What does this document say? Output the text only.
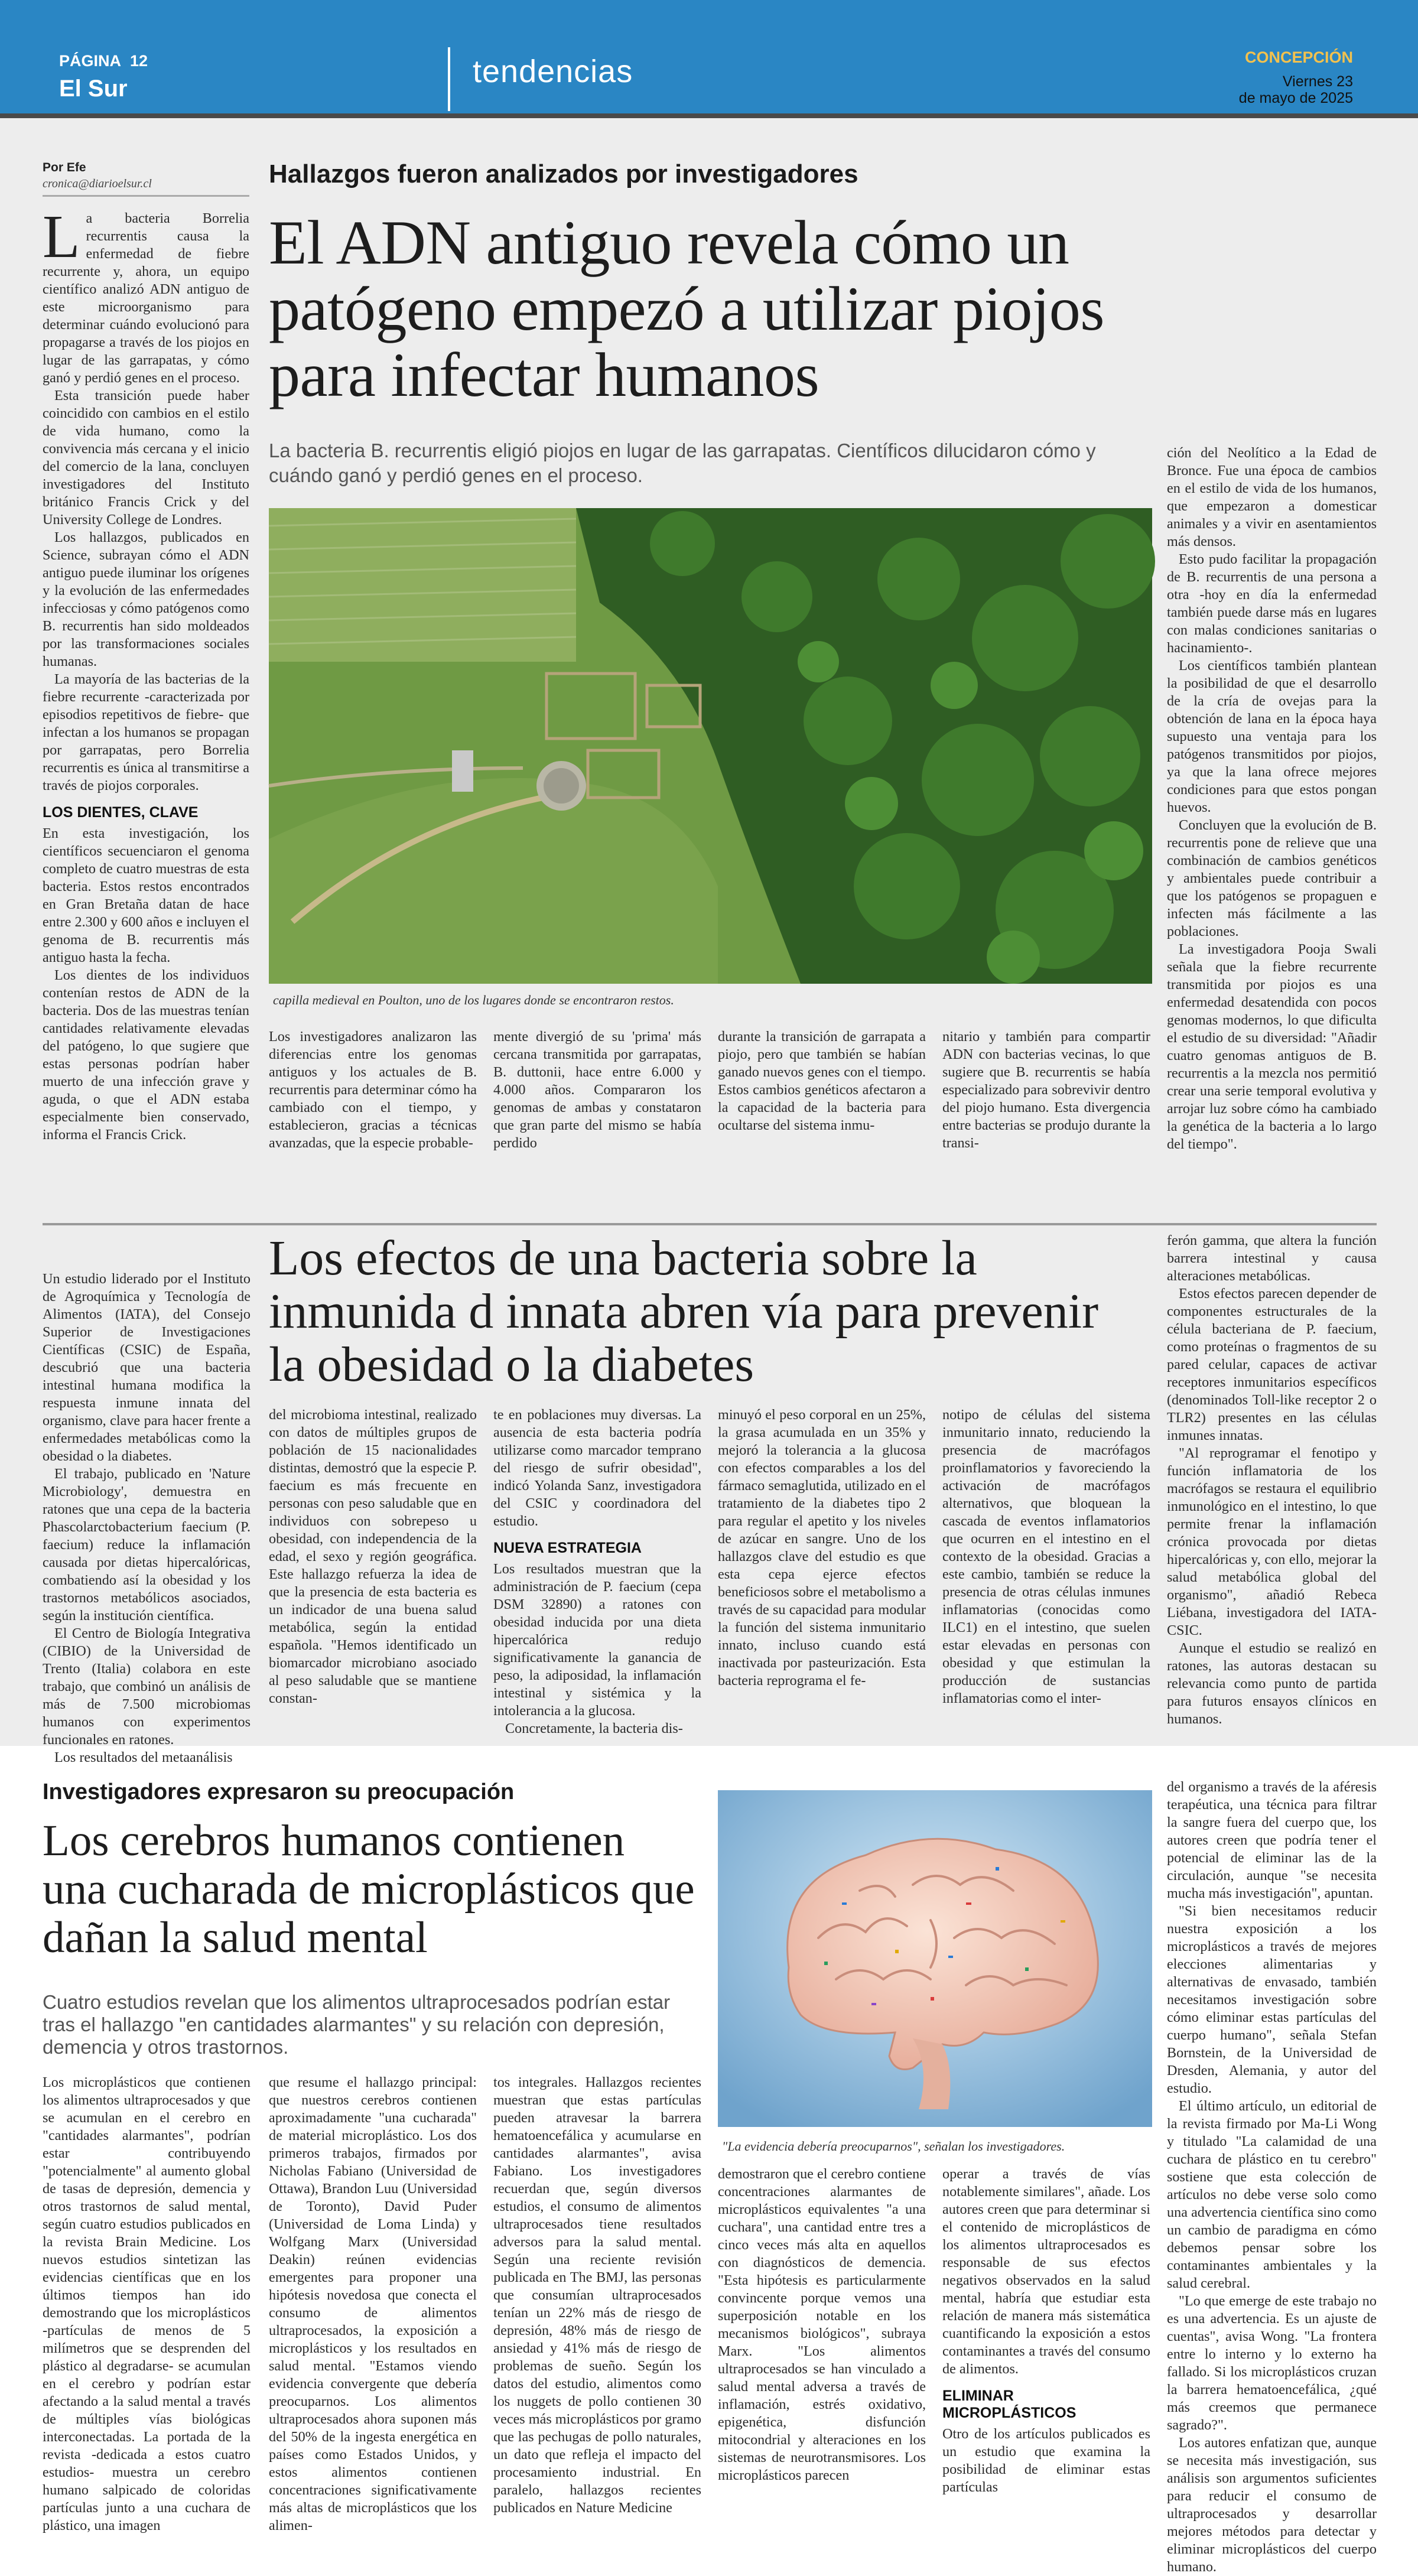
PÁGINA 12
El Sur	tendencias	CONCEPCIÓN
Viernes 23
de mayo de 2025
Por Efe
cronica@diarioelsur.cl	Hallazgos fueron analizados por investigadores
El ADN antiguo revela cómo un patógeno empezó a utilizar piojos para infectar humanos
La bacteria B. recurrentis eligió piojos en lugar de las garrapatas. Científicos dilucidaron cómo y cuándo ganó y perdió genes en el proceso.
L a bacteria Borrelia recurrentis causa la enfermedad de fiebre recurrente y, ahora, un equipo científico analizó ADN antiguo de este microorganismo para determinar cuándo evolucionó para propagarse a través de los piojos en lugar de las garrapatas, y cómo ganó y perdió genes en el proceso.

Esta transición puede haber coincidido con cambios en el estilo de vida humano, como la convivencia más cercana y el inicio del comercio de la lana, concluyen investigadores del Instituto británico Francis Crick y del University College de Londres.

Los hallazgos, publicados en Science, subrayan cómo el ADN antiguo puede iluminar los orígenes y la evolución de las enfermedades infecciosas y cómo patógenos como B. recurrentis han sido moldeados por las transformaciones sociales humanas.

La mayoría de las bacterias de la fiebre recurrente -caracterizada por episodios repetitivos de fiebre- que infectan a los humanos se propagan por garrapatas, pero Borrelia recurrentis es única al transmitirse a través de piojos corporales.

LOS DIENTES, CLAVE

En esta investigación, los científicos secuenciaron el genoma completo de cuatro muestras de esta bacteria. Estos restos encontrados en Gran Bretaña datan de hace entre 2.300 y 600 años e incluyen el genoma de B. recurrentis más antiguo hasta la fecha.

Los dientes de los individuos contenían restos de ADN de la bacteria. Dos de las muestras tenían cantidades relativamente elevadas del patógeno, lo que sugiere que estas personas podrían haber muerto de una infección grave y aguda, o que el ADN estaba especialmente bien conservado, informa el Francis Crick.

capilla medieval en Poulton, uno de los lugares donde se encontraron restos.

ción del Neolítico a la Edad de Bronce. Fue una época de cambios en el estilo de vida de los humanos, que empezaron a domesticar animales y a vivir en asentamientos más densos.

Esto pudo facilitar la propagación de B. recurrentis de una persona a otra -hoy en día la enfermedad también puede darse más en lugares con malas condiciones sanitarias o hacinamiento-.

Los científicos también plantean la posibilidad de que el desarrollo de la cría de ovejas para la obtención de lana en la época haya supuesto una ventaja para los patógenos transmitidos por piojos, ya que la lana ofrece mejores condiciones para que estos pongan huevos.

Concluyen que la evolución de B. recurrentis pone de relieve que una combinación de cambios genéticos y ambientales puede contribuir a que los patógenos se propaguen e infecten más fácilmente a las poblaciones.

La investigadora Pooja Swali señala que la fiebre recurrente transmitida por piojos es una enfermedad desatendida con pocos genomas modernos, lo que dificulta el estudio de su diversidad: "Añadir cuatro genomas antiguos de B. recurrentis a la mezcla nos permitió crear una serie temporal evolutiva y arrojar luz sobre cómo ha cambiado la genética de la bacteria a lo largo del tiempo".

Los investigadores analizaron las diferencias entre los genomas antiguos y los actuales de B. recurrentis para determinar cómo ha cambiado con el tiempo, y establecieron, gracias a técnicas avanzadas, que la especie probable-

mente divergió de su 'prima' más cercana transmitida por garrapatas, B. duttonii, hace entre 6.000 y 4.000 años. Compararon los genomas de ambas y constataron que gran parte del mismo se había perdido

durante la transición de garrapata a piojo, pero que también se habían ganado nuevos genes con el tiempo. Estos cambios genéticos afectaron a la capacidad de la bacteria para ocultarse del sistema inmu-

nitario y también para compartir ADN con bacterias vecinas, lo que sugiere que B. recurrentis se había especializado para sobrevivir dentro del piojo humano. Esta divergencia entre bacterias se produjo durante la transi-

Un estudio liderado por el Instituto de Agroquímica y Tecnología de Alimentos (IATA), del Consejo Superior de Investigaciones Científicas (CSIC) de España, descubrió que una bacteria intestinal humana modifica la respuesta inmune innata del organismo, clave para hacer frente a enfermedades metabólicas como la obesidad o la diabetes.

El trabajo, publicado en 'Nature Microbiology', demuestra en ratones que una cepa de la bacteria Phascolarctobacterium faecium (P. faecium) reduce la inflamación causada por dietas hipercalóricas, combatiendo así la obesidad y los trastornos metabólicos asociados, según la institución científica.

El Centro de Biología Integrativa (CIBIO) de la Universidad de Trento (Italia) colabora en este trabajo, que combinó un análisis de más de 7.500 microbiomas humanos con experimentos funcionales en ratones.

Los resultados del metaanálisis

Los efectos de una bacteria sobre la inmunida d innata abren vía para prevenir la obesidad o la diabetes

del microbioma intestinal, realizado con datos de múltiples grupos de población de 15 nacionalidades distintas, demostró que la especie P. faecium es más frecuente en personas con peso saludable que en individuos con sobrepeso u obesidad, con independencia de la edad, el sexo y región geográfica. Este hallazgo refuerza la idea de que la presencia de esta bacteria es un indicador de una buena salud metabólica, según la entidad española. "Hemos identificado un biomarcador microbiano asociado al peso saludable que se mantiene constan-

te en poblaciones muy diversas. La ausencia de esta bacteria podría utilizarse como marcador temprano del riesgo de sufrir obesidad", indicó Yolanda Sanz, investigadora del CSIC y coordinadora del estudio.

NUEVA ESTRATEGIA

Los resultados muestran que la administración de P. faecium (cepa DSM 32890) a ratones con obesidad inducida por una dieta hipercalórica redujo significativamente la ganancia de peso, la adiposidad, la inflamación intestinal y sistémica y la intolerancia a la glucosa.

Concretamente, la bacteria dis-

minuyó el peso corporal en un 25%, la grasa acumulada en un 35% y mejoró la tolerancia a la glucosa con efectos comparables a los del fármaco semaglutida, utilizado en el tratamiento de la diabetes tipo 2 para regular el apetito y los niveles de azúcar en sangre. Uno de los hallazgos clave del estudio es que esta cepa ejerce efectos beneficiosos sobre el metabolismo a través de su capacidad para modular la función del sistema inmunitario innato, incluso cuando está inactivada por pasteurización. Esta bacteria reprograma el fe-

notipo de células del sistema inmunitario innato, reduciendo la presencia de macrófagos proinflamatorios y favoreciendo la activación de macrófagos alternativos, que bloquean la cascada de eventos inflamatorios que ocurren en el intestino en el contexto de la obesidad. Gracias a este cambio, también se reduce la presencia de otras células inmunes inflamatorias (conocidas como ILC1) en el intestino, que suelen estar elevadas en personas con obesidad y que estimulan la producción de sustancias inflamatorias como el inter-

ferón gamma, que altera la función barrera intestinal y causa alteraciones metabólicas.

Estos efectos parecen depender de componentes estructurales de la célula bacteriana de P. faecium, como proteínas o fragmentos de su pared celular, capaces de activar receptores inmunitarios específicos (denominados Toll-like receptor 2 o TLR2) presentes en las células inmunes innatas.

"Al reprogramar el fenotipo y función inflamatoria de los macrófagos se restaura el equilibrio inmunológico en el intestino, lo que permite frenar la inflamación crónica provocada por dietas hipercalóricas y, con ello, mejorar la salud metabólica global del organismo", añadió Rebeca Liébana, investigadora del IATA-CSIC.

Aunque el estudio se realizó en ratones, las autoras destacan su relevancia como punto de partida para futuros ensayos clínicos en humanos.

Investigadores expresaron su preocupación
Los cerebros humanos contienen una cucharada de microplásticos que dañan la salud mental
Cuatro estudios revelan que los alimentos ultraprocesados podrían estar tras el hallazgo "en cantidades alarmantes" y su relación con depresión, demencia y otros trastornos.
"La evidencia debería preocuparnos", señalan los investigadores.

Los microplásticos que contienen los alimentos ultraprocesados y que se acumulan en el cerebro en "cantidades alarmantes", podrían estar contribuyendo "potencialmente" al aumento global de tasas de depresión, demencia y otros trastornos de salud mental, según cuatro estudios publicados en la revista Brain Medicine. Los nuevos estudios sintetizan las evidencias científicas que en los últimos tiempos han ido demostrando que los microplásticos -partículas de menos de 5 milímetros que se desprenden del plástico al degradarse- se acumulan en el cerebro y podrían estar afectando a la salud mental a través de múltiples vías biológicas interconectadas. La portada de la revista -dedicada a estos cuatro estudios- muestra un cerebro humano salpicado de coloridas partículas junto a una cuchara de plástico, una imagen

que resume el hallazgo principal: que nuestros cerebros contienen aproximadamente "una cucharada" de material microplástico. Los dos primeros trabajos, firmados por Nicholas Fabiano (Universidad de Ottawa), Brandon Luu (Universidad de Toronto), David Puder (Universidad de Loma Linda) y Wolfgang Marx (Universidad Deakin) reúnen evidencias emergentes para proponer una hipótesis novedosa que conecta el consumo de alimentos ultraprocesados, la exposición a microplásticos y los resultados en salud mental. "Estamos viendo evidencia convergente que debería preocuparnos. Los alimentos ultraprocesados ahora suponen más del 50% de la ingesta energética en países como Estados Unidos, y estos alimentos contienen concentraciones significativamente más altas de microplásticos que los alimen-

tos integrales. Hallazgos recientes muestran que estas partículas pueden atravesar la barrera hematoencefálica y acumularse en cantidades alarmantes", avisa Fabiano. Los investigadores recuerdan que, según diversos estudios, el consumo de alimentos ultraprocesados tiene resultados adversos para la salud mental. Según una reciente revisión publicada en The BMJ, las personas que consumían ultraprocesados tenían un 22% más de riesgo de depresión, 48% más de riesgo de ansiedad y 41% más de riesgo de problemas de sueño. Según los datos del estudio, alimentos como los nuggets de pollo contienen 30 veces más microplásticos por gramo que las pechugas de pollo naturales, un dato que refleja el impacto del procesamiento industrial. En paralelo, hallazgos recientes publicados en Nature Medicine

demostraron que el cerebro contiene concentraciones alarmantes de microplásticos equivalentes "a una cuchara", una cantidad entre tres a cinco veces más alta en aquellos con diagnósticos de demencia. "Esta hipótesis es particularmente convincente porque vemos una superposición notable en los mecanismos biológicos", subraya Marx. "Los alimentos ultraprocesados se han vinculado a salud mental adversa a través de inflamación, estrés oxidativo, epigenética, disfunción mitocondrial y alteraciones en los sistemas de neurotransmisores. Los microplásticos parecen

operar a través de vías notablemente similares", añade. Los autores creen que para determinar si el contenido de microplásticos de los alimentos ultraprocesados es responsable de sus efectos negativos observados en la salud mental, habría que estudiar esta relación de manera más sistemática cuantificando la exposición a estos contaminantes a través del consumo de alimentos.

ELIMINAR MICROPLÁSTICOS

Otro de los artículos publicados es un estudio que examina la posibilidad de eliminar estas partículas

del organismo a través de la aféresis terapéutica, una técnica para filtrar la sangre fuera del cuerpo que, los autores creen que podría tener el potencial de eliminar las de la circulación, aunque "se necesita mucha más investigación", apuntan.

"Si bien necesitamos reducir nuestra exposición a los microplásticos a través de mejores elecciones alimentarias y alternativas de envasado, también necesitamos investigación sobre cómo eliminar estas partículas del cuerpo humano", señala Stefan Bornstein, de la Universidad de Dresden, Alemania, y autor del estudio.

El último artículo, un editorial de la revista firmado por Ma-Li Wong y titulado "La calamidad de una cuchara de plástico en tu cerebro" sostiene que esta colección de artículos no debe verse solo como una advertencia científica sino como un cambio de paradigma en cómo debemos pensar sobre los contaminantes ambientales y la salud cerebral.

"Lo que emerge de este trabajo no es una advertencia. Es un ajuste de cuentas", avisa Wong. "La frontera entre lo interno y lo externo ha fallado. Si los microplásticos cruzan la barrera hematoencefálica, ¿qué más creemos que permanece sagrado?".

Los autores enfatizan que, aunque se necesita más investigación, sus análisis son argumentos suficientes para reducir el consumo de ultraprocesados y desarrollar mejores métodos para detectar y eliminar microplásticos del cuerpo humano.
